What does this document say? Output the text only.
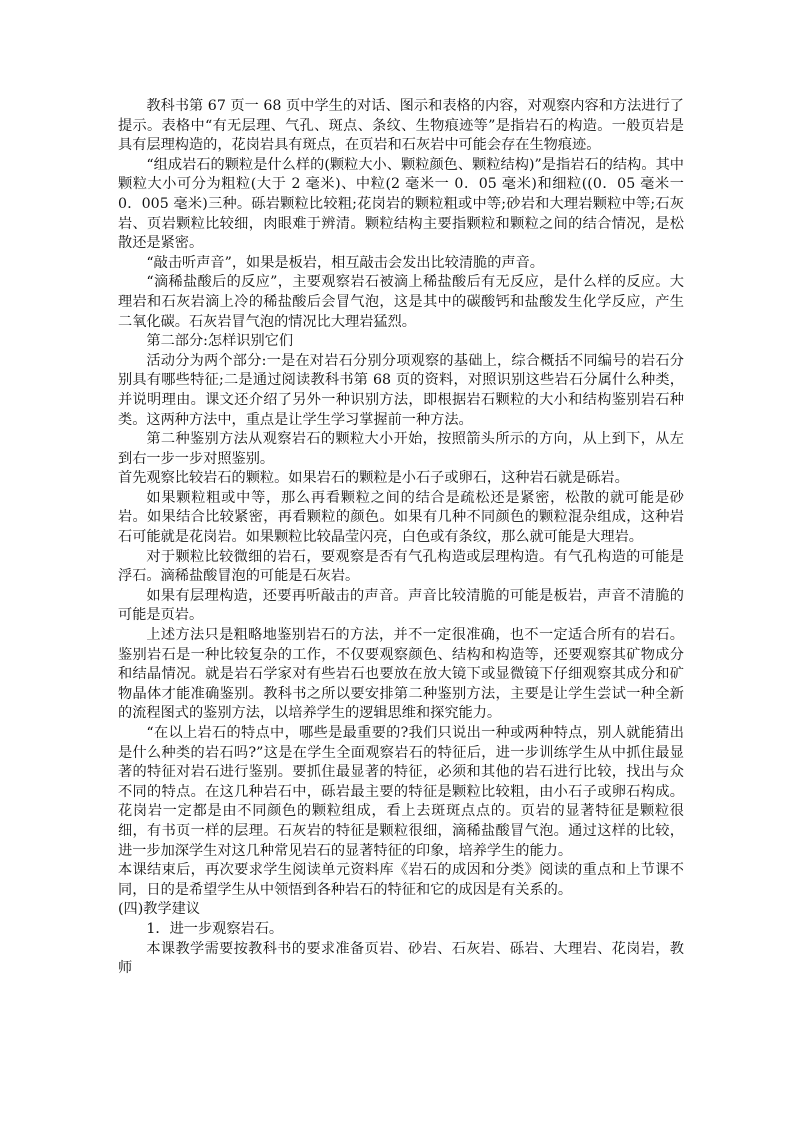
教科书第 67 页一 68 页中学生的对话、图示和表格的内容，对观察内容和方法进行了提示。表格中“有无层理、气孔、斑点、条纹、生物痕迹等”是指岩石的构造。一般页岩是具有层理构造的，花岗岩具有斑点，在页岩和石灰岩中可能会存在生物痕迹。

“组成岩石的颗粒是什么样的(颗粒大小、颗粒颜色、颗粒结构)”是指岩石的结构。其中颗粒大小可分为粗粒(大于 2 毫米)、中粒(2 毫米一 0．05 毫米)和细粒((0．05 毫米一 0．005 毫米)三种。砾岩颗粒比较粗;花岗岩的颗粒粗或中等;砂岩和大理岩颗粒中等;石灰岩、页岩颗粒比较细，肉眼难于辨清。颗粒结构主要指颗粒和颗粒之间的结合情况，是松散还是紧密。

“敲击听声音”，如果是板岩，相互敲击会发出比较清脆的声音。

“滴稀盐酸后的反应”，主要观察岩石被滴上稀盐酸后有无反应，是什么样的反应。大理岩和石灰岩滴上冷的稀盐酸后会冒气泡，这是其中的碳酸钙和盐酸发生化学反应，产生二氧化碳。石灰岩冒气泡的情况比大理岩猛烈。

第二部分:怎样识别它们

活动分为两个部分:一是在对岩石分别分项观察的基础上，综合概括不同编号的岩石分别具有哪些特征;二是通过阅读教科书第 68 页的资料，对照识别这些岩石分属什么种类，并说明理由。课文还介绍了另外一种识别方法，即根据岩石颗粒的大小和结构鉴别岩石种类。这两种方法中，重点是让学生学习掌握前一种方法。

第二种鉴别方法从观察岩石的颗粒大小开始，按照箭头所示的方向，从上到下，从左到右一步一步对照鉴别。

首先观察比较岩石的颗粒。如果岩石的颗粒是小石子或卵石，这种岩石就是砾岩。

如果颗粒粗或中等，那么再看颗粒之间的结合是疏松还是紧密，松散的就可能是砂岩。如果结合比较紧密，再看颗粒的颜色。如果有几种不同颜色的颗粒混杂组成，这种岩石可能就是花岗岩。如果颗粒比较晶莹闪亮，白色或有条纹，那么就可能是大理岩。

对于颗粒比较微细的岩石，要观察是否有气孔构造或层理构造。有气孔构造的可能是浮石。滴稀盐酸冒泡的可能是石灰岩。

如果有层理构造，还要再听敲击的声音。声音比较清脆的可能是板岩，声音不清脆的可能是页岩。

上述方法只是粗略地鉴别岩石的方法，并不一定很准确，也不一定适合所有的岩石。鉴别岩石是一种比较复杂的工作，不仅要观察颜色、结构和构造等，还要观察其矿物成分和结晶情况。就是岩石学家对有些岩石也要放在放大镜下或显微镜下仔细观察其成分和矿物晶体才能准确鉴别。教科书之所以要安排第二种鉴别方法，主要是让学生尝试一种全新的流程图式的鉴别方法，以培养学生的逻辑思维和探究能力。

“在以上岩石的特点中，哪些是最重要的?我们只说出一种或两种特点，别人就能猜出是什么种类的岩石吗?”这是在学生全面观察岩石的特征后，进一步训练学生从中抓住最显著的特征对岩石进行鉴别。要抓住最显著的特征，必须和其他的岩石进行比较，找出与众不同的特点。在这几种岩石中，砾岩最主要的特征是颗粒比较粗，由小石子或卵石构成。花岗岩一定都是由不同颜色的颗粒组成，看上去斑斑点点的。页岩的显著特征是颗粒很细，有书页一样的层理。石灰岩的特征是颗粒很细，滴稀盐酸冒气泡。通过这样的比较，进一步加深学生对这几种常见岩石的显著特征的印象，培养学生的能力。

本课结束后，再次要求学生阅读单元资料库《岩石的成因和分类》阅读的重点和上节课不同，日的是希望学生从中领悟到各种岩石的特征和它的成因是有关系的。

(四)教学建议

1．进一步观察岩石。

本课教学需要按教科书的要求准备页岩、砂岩、石灰岩、砾岩、大理岩、花岗岩，教师
